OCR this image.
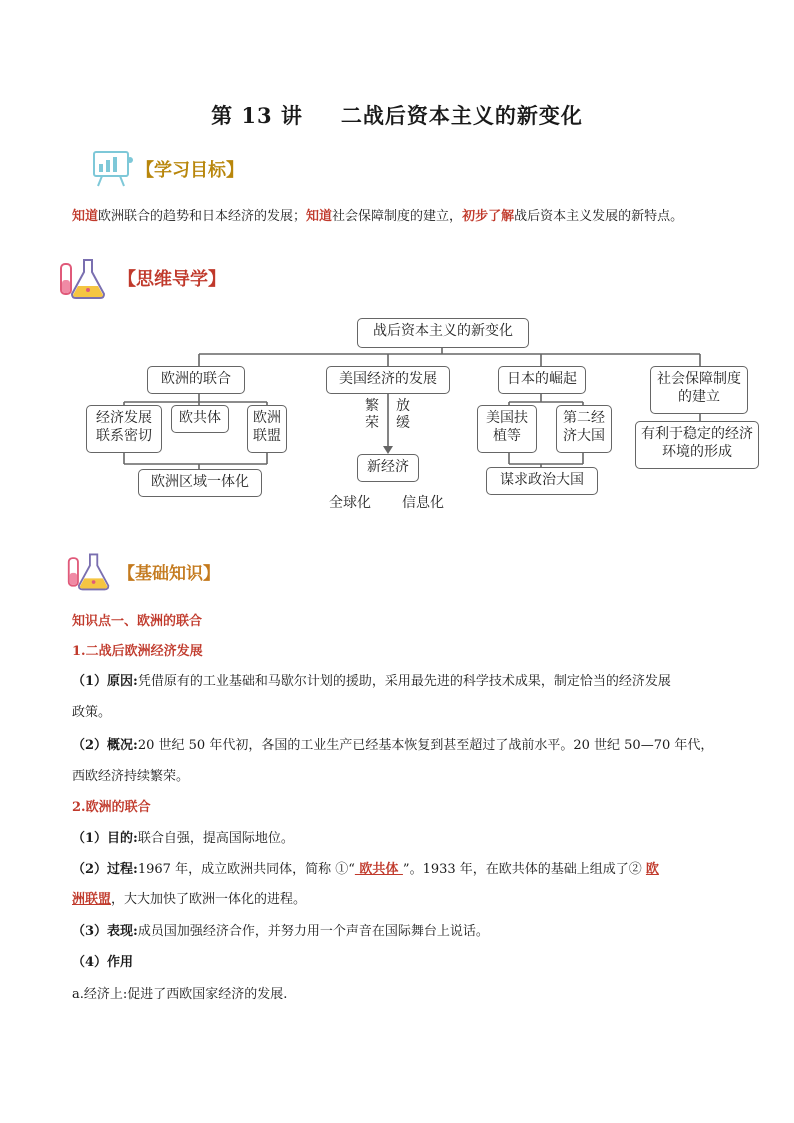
第 13 讲 二战后资本主义的新变化
【学习目标】
知道欧洲联合的趋势和日本经济的发展；知道社会保障制度的建立，初步了解战后资本主义发展的新特点。
【思维导学】
战后资本主义的新变化
欧洲的联合
经济发展联系密切
欧共体	欧洲联盟
欧洲区域一体化
美国经济的发展
繁荣
放缓
新经济
全球化 信息化
日本的崛起
美国扶植等
第二经济大国
谋求政治大国
社会保障制度的建立
有利于稳定的经济环境的形成
【基础知识】
知识点一、欧洲的联合
1.二战后欧洲经济发展
（1）原因:凭借原有的工业基础和马歇尔计划的援助，采用最先进的科学技术成果，制定恰当的经济发展
政策。
（2）概况:20 世纪 50 年代初，各国的工业生产已经基本恢复到甚至超过了战前水平。20 世纪 50—70 年代，
西欧经济持续繁荣。
2.欧洲的联合
（1）目的:联合自强，提高国际地位。
（2）过程:1967 年，成立欧洲共同体，简称 ①“ 欧共体 ”。1933 年，在欧共体的基础上组成了② 欧
洲联盟，大大加快了欧洲一体化的进程。
（3）表现:成员国加强经济合作，并努力用一个声音在国际舞台上说话。
（4）作用
a.经济上:促进了西欧国家经济的发展.
